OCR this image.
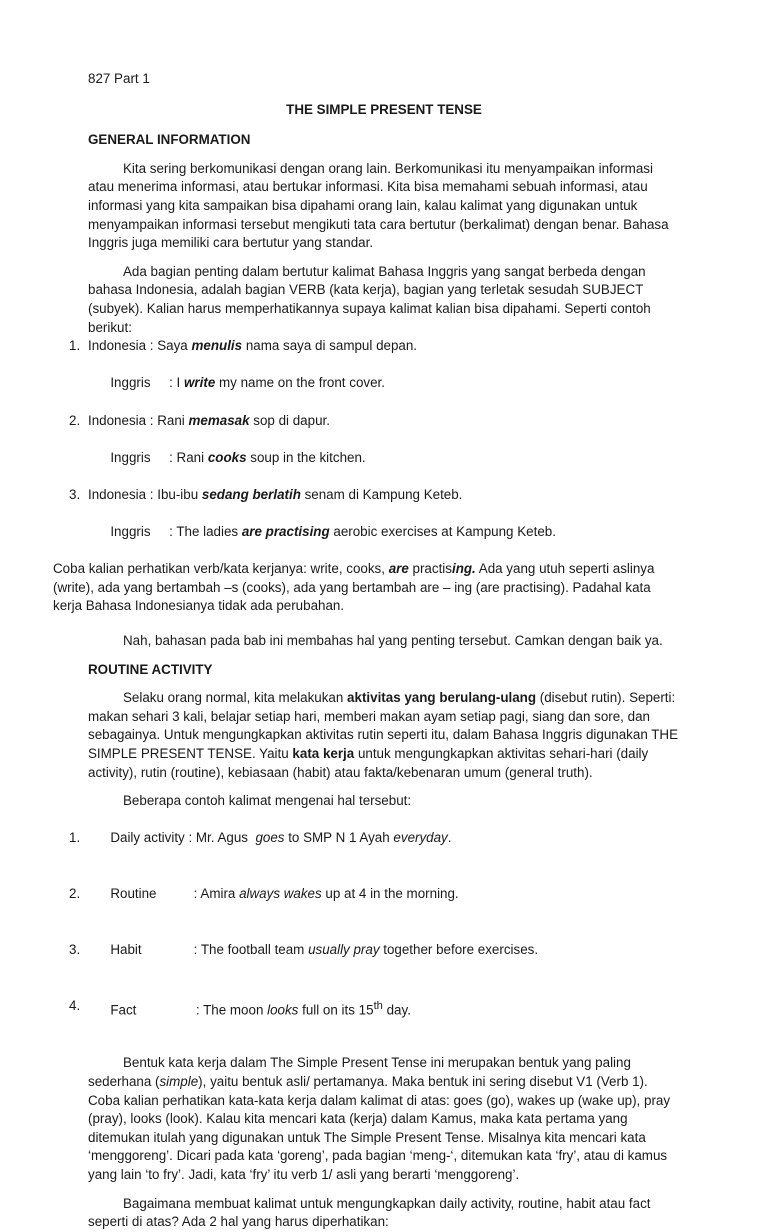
827 Part 1
THE SIMPLE PRESENT TENSE
GENERAL INFORMATION

Kita sering berkomunikasi dengan orang lain. Berkomunikasi itu menyampaikan informasi atau menerima informasi, atau bertukar informasi. Kita bisa memahami sebuah informasi, atau informasi yang kita sampaikan bisa dipahami orang lain, kalau kalimat yang digunakan untuk menyampaikan informasi tersebut mengikuti tata cara bertutur (berkalimat) dengan benar. Bahasa Inggris juga memiliki cara bertutur yang standar.

Ada bagian penting dalam bertutur kalimat Bahasa Inggris yang sangat berbeda dengan bahasa Indonesia, adalah bagian VERB (kata kerja), bagian yang terletak sesudah SUBJECT (subyek). Kalian harus memperhatikannya supaya kalimat kalian bisa dipahami. Seperti contoh berikut:

1. Indonesia : Saya menulis nama saya di sampul depan.

Inggris     : I write my name on the front cover.

2. Indonesia : Rani memasak sop di dapur.

Inggris     : Rani cooks soup in the kitchen.

3. Indonesia : Ibu-ibu sedang berlatih senam di Kampung Keteb.

Inggris     : The ladies are practising aerobic exercises at Kampung Keteb.

Coba kalian perhatikan verb/kata kerjanya: write, cooks, are practising. Ada yang utuh seperti aslinya (write), ada yang bertambah –s (cooks), ada yang bertambah are – ing (are practising). Padahal kata kerja Bahasa Indonesianya tidak ada perubahan.

Nah, bahasan pada bab ini membahas hal yang penting tersebut. Camkan dengan baik ya.

ROUTINE ACTIVITY

Selaku orang normal, kita melakukan aktivitas yang berulang-ulang (disebut rutin). Seperti: makan sehari 3 kali, belajar setiap hari, memberi makan ayam setiap pagi, siang dan sore, dan sebagainya. Untuk mengungkapkan aktivitas rutin seperti itu, dalam Bahasa Inggris digunakan THE SIMPLE PRESENT TENSE. Yaitu kata kerja untuk mengungkapkan aktivitas sehari-hari (daily activity), rutin (routine), kebiasaan (habit) atau fakta/kebenaran umum (general truth).

Beberapa contoh kalimat mengenai hal tersebut:

1.	Daily activity : Mr. Agus  goes to SMP N 1 Ayah everyday.

2.	Routine          : Amira always wakes up at 4 in the morning.

3.	Habit              : The football team usually pray together before exercises.

4.	Fact                : The moon looks full on its 15th day.

Bentuk kata kerja dalam The Simple Present Tense ini merupakan bentuk yang paling sederhana (simple), yaitu bentuk asli/ pertamanya. Maka bentuk ini sering disebut V1 (Verb 1). Coba kalian perhatikan kata-kata kerja dalam kalimat di atas: goes (go), wakes up (wake up), pray (pray), looks (look). Kalau kita mencari kata (kerja) dalam Kamus, maka kata pertama yang ditemukan itulah yang digunakan untuk The Simple Present Tense. Misalnya kita mencari kata ‘menggoreng’. Dicari pada kata ‘goreng’, pada bagian ‘meng-‘, ditemukan kata ‘fry’, atau di kamus yang lain ‘to fry’. Jadi, kata ‘fry’ itu verb 1/ asli yang berarti ‘menggoreng’.

Bagaimana membuat kalimat untuk mengungkapkan daily activity, routine, habit atau fact seperti di atas? Ada 2 hal yang harus diperhatikan:
